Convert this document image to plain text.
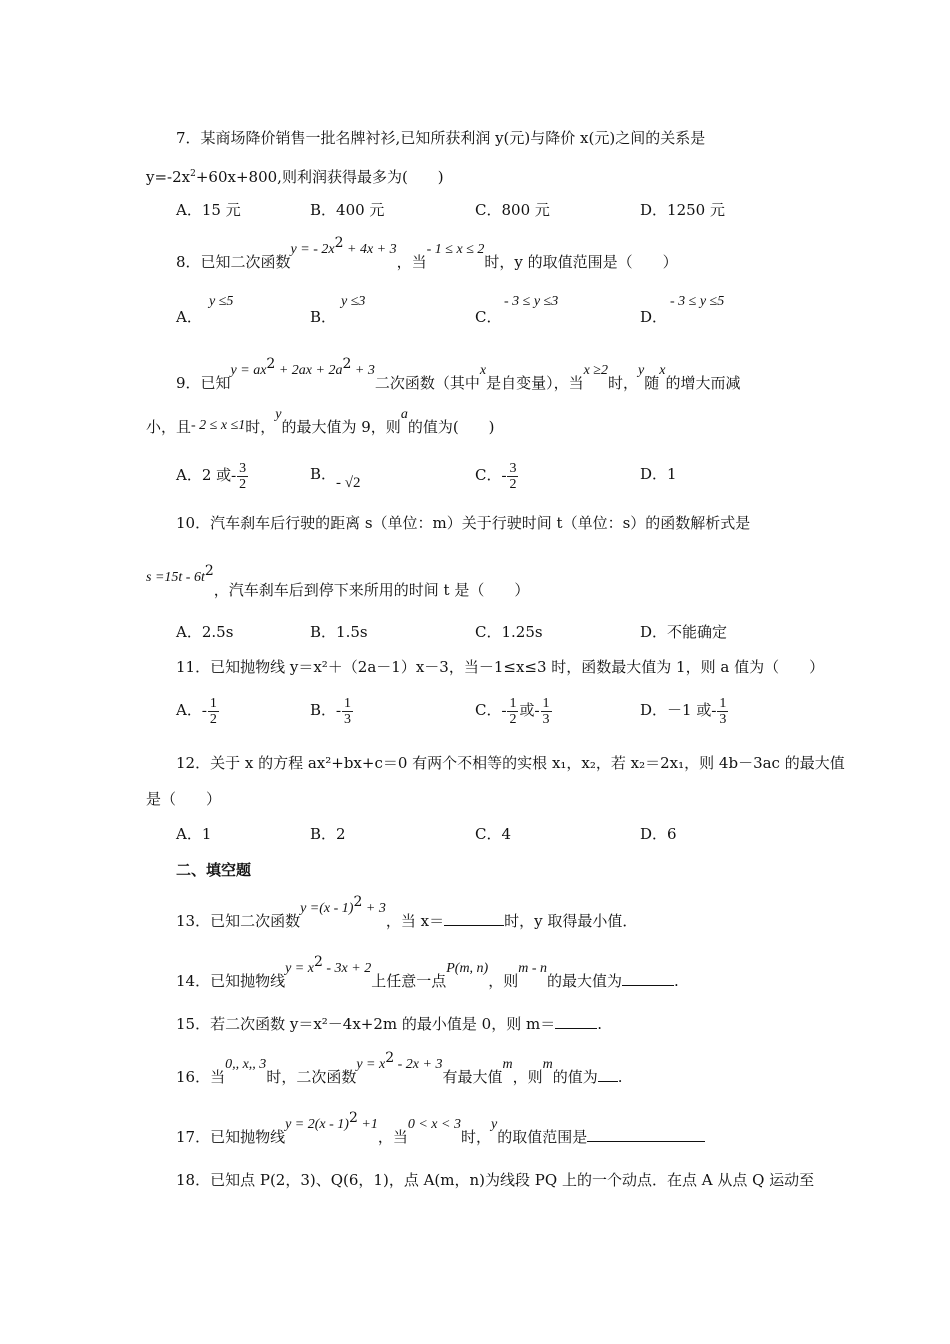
7．某商场降价销售一批名牌衬衫,已知所获利润 y(元)与降价 x(元)之间的关系是
$y=-2x^2+60x+800$,则利润获得最多为(　　)
A．15 元	B．400 元	C．800 元	D．1250 元
8．已知二次函数y = - $2x^2 + 4x + 3$，当- 1 ≤ x ≤ 2时，y 的取值范围是（　　）
A．
y ≤5
B．
y ≤3
C．
- 3 ≤ y ≤3
D．
- 3 ≤ y ≤5
9．已知$y = ax^2 + 2ax + 2a^2 + 3$二次函数（其中x是自变量），当x ≥2时，y随x的增大而减
小，且- 2 ≤ x ≤1时，y的最大值为 9，则a的值为(　　)
A．2 或- $\frac{3}{2}$	B．- √2	C．- $\frac{3}{2}$	D．1
10．汽车刹车后行驶的距离 s（单位：m）关于行驶时间 t（单位：s）的函数解析式是
$s =15t - 6t^2$，汽车刹车后到停下来所用的时间 t 是（　　）
A．2.5s	B．1.5s	C．1.25s	D．不能确定
11．已知抛物线 y＝x²＋（2a－1）x－3，当－1≤x≤3 时，函数最大值为 1，则 a 值为（　　）
A．- $\frac{1}{2}$	B．- $\frac{1}{3}$	C．- $\frac{1}{2}$ 或- $\frac{1}{3}$	D．－1 或- $\frac{1}{3}$
12．关于 x 的方程 ax²+bx+c＝0 有两个不相等的实根 x₁，x₂，若 x₂＝2x₁，则 4b－3ac 的最大值
是（　　）
A．1	B．2	C．4	D．6
二、填空题
13．已知二次函数y =(x - 1)$^2$ + 3，当 x＝	时，y 取得最小值．
14．已知抛物线$y = x^2 - 3x + 2$上任意一点P(m, n)，则m - n的最大值为	.
15．若二次函数 y＝x²－4x+2m 的最小值是 0，则 m＝	.
16．当0,, x,, 3时，二次函数$y = x^2 - 2x + 3$有最大值m，则m的值为 .
17．已知抛物线y = 2(x - 1)$^2$ +1，当0 < x < 3时，y的取值范围是
18．已知点 P(2，3)、Q(6，1)，点 A(m，n)为线段 PQ 上的一个动点．在点 A 从点 Q 运动至
